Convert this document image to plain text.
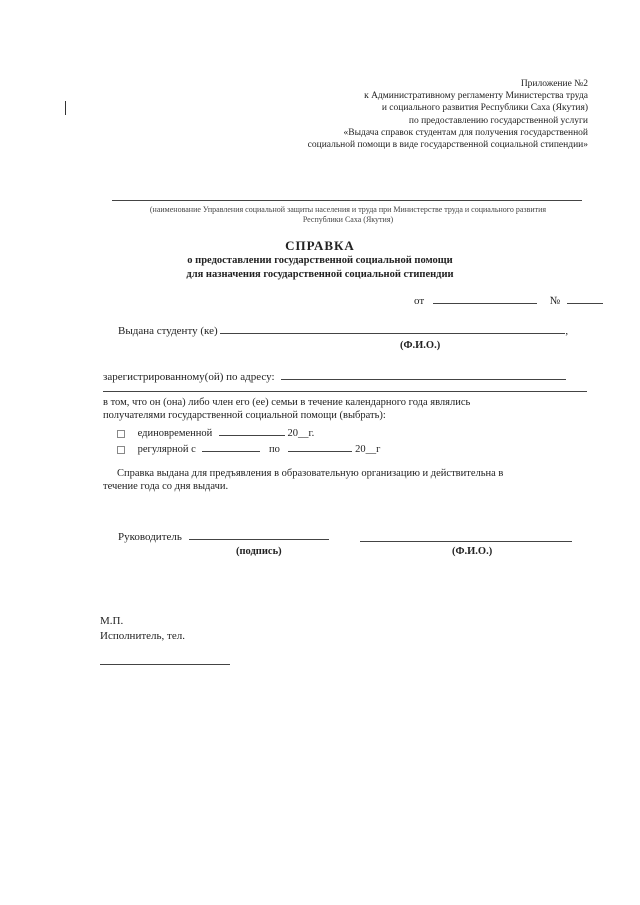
Приложение №2
к Административному регламенту Министерства труда
и социального развития Республики Саха (Якутия)
по предоставлению государственной услуги
«Выдача справок студентам для получения государственной
социальной помощи в виде государственной социальной стипендии»
(наименование Управления социальной защиты населения и труда при Министерстве труда и социального развития
Республики Саха (Якутия)
СПРАВКА
о предоставлении государственной социальной помощи
для назначения государственной социальной стипендии
от	№
Выдана студенту (ке)	,
(Ф.И.О.)
зарегистрированному(ой) по адресу:
в том, что он (она) либо член его (ее) семьи в течение календарного года являлись
получателями государственной социальной помощи (выбрать):
единовременной	20__г.
регулярной с	по	20__г
Справка выдана для предъявления в образовательную организацию и действительна в
течение года со дня выдачи.
Руководитель
(подпись)	(Ф.И.О.)
М.П.
Исполнитель, тел.
